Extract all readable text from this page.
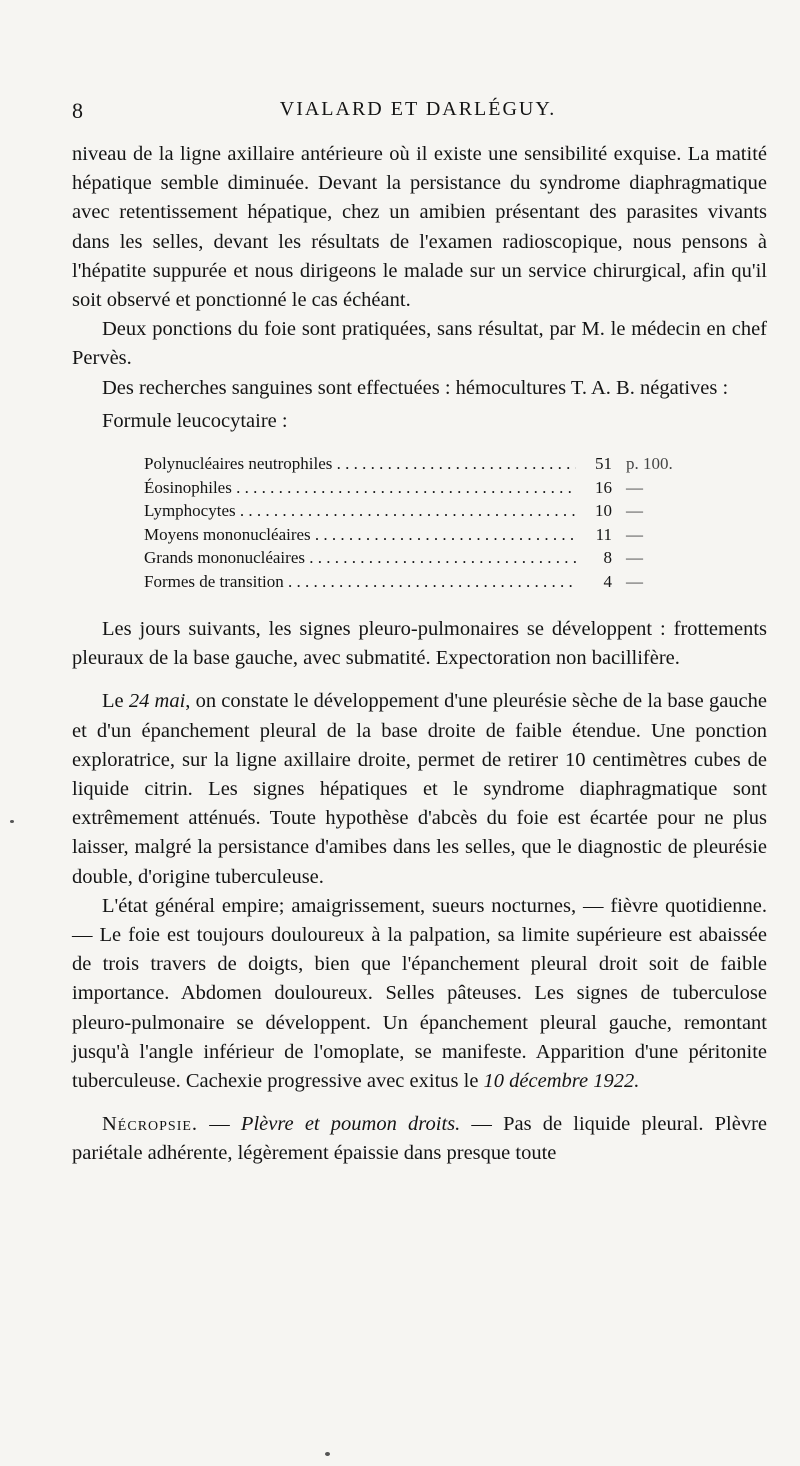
8	VIALARD ET DARLÉGUY.

niveau de la ligne axillaire antérieure où il existe une sensibilité exquise. La matité hépatique semble diminuée. Devant la persistance du syndrome diaphragmatique avec retentissement hépatique, chez un amibien présentant des parasites vivants dans les selles, devant les résultats de l'examen radioscopique, nous pensons à l'hépatite suppurée et nous dirigeons le malade sur un service chirurgical, afin qu'il soit observé et ponctionné le cas échéant.

Deux ponctions du foie sont pratiquées, sans résultat, par M. le médecin en chef Pervès.

Des recherches sanguines sont effectuées : hémocultures T. A. B. négatives :

Formule leucocytaire :

Polynucléaires neutrophiles . . .	51 p. 100.
Éosinophiles . . .	16 —
Lymphocytes . . .	10 —
Moyens mononucléaires . . .	11 —
Grands mononucléaires . . .	8 —
Formes de transition . . .	4 —

Les jours suivants, les signes pleuro-pulmonaires se développent : frottements pleuraux de la base gauche, avec submatité. Expectoration non bacillifère.

Le 24 mai, on constate le développement d'une pleurésie sèche de la base gauche et d'un épanchement pleural de la base droite de faible étendue. Une ponction exploratrice, sur la ligne axillaire droite, permet de retirer 10 centimètres cubes de liquide citrin. Les signes hépatiques et le syndrome diaphragmatique sont extrêmement atténués. Toute hypothèse d'abcès du foie est écartée pour ne plus laisser, malgré la persistance d'amibes dans les selles, que le diagnostic de pleurésie double, d'origine tuberculeuse.

L'état général empire; amaigrissement, sueurs nocturnes, — fièvre quotidienne. — Le foie est toujours douloureux à la palpation, sa limite supérieure est abaissée de trois travers de doigts, bien que l'épanchement pleural droit soit de faible importance. Abdomen douloureux. Selles pâteuses. Les signes de tuberculose pleuro-pulmonaire se développent. Un épanchement pleural gauche, remontant jusqu'à l'angle inférieur de l'omoplate, se manifeste. Apparition d'une péritonite tuberculeuse. Cachexie progressive avec exitus le 10 décembre 1922.

Nécropsie. — Plèvre et poumon droits. — Pas de liquide pleural. Plèvre pariétale adhérente, légèrement épaissie dans presque toute
